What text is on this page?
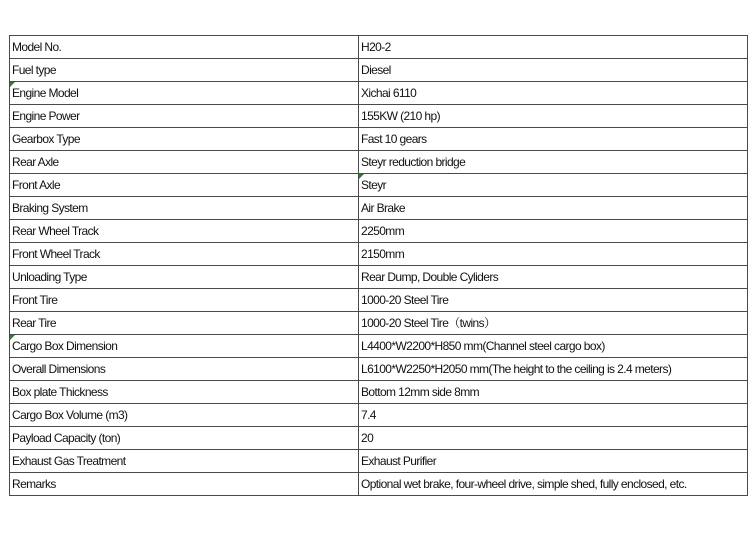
Model No.	H20-2
Fuel type	Diesel
Engine Model	Xichai 6110
Engine Power	155KW (210 hp)
Gearbox Type	Fast 10 gears
Rear Axle	Steyr reduction bridge
Front Axle	Steyr
Braking System	Air Brake
Rear Wheel Track	2250mm
Front Wheel Track	2150mm
Unloading Type	Rear Dump, Double Cyliders
Front Tire	1000-20 Steel Tire
Rear Tire	1000-20 Steel Tire（twins）
Cargo Box Dimension	L4400*W2200*H850 mm(Channel steel cargo box)
Overall Dimensions	L6100*W2250*H2050 mm(The height to the ceiling is 2.4 meters)
Box plate Thickness	Bottom 12mm side 8mm
Cargo Box Volume (m3)	7.4
Payload Capacity (ton)	20
Exhaust Gas Treatment	Exhaust Purifier
Remarks	Optional wet brake, four-wheel drive, simple shed, fully enclosed, etc.
